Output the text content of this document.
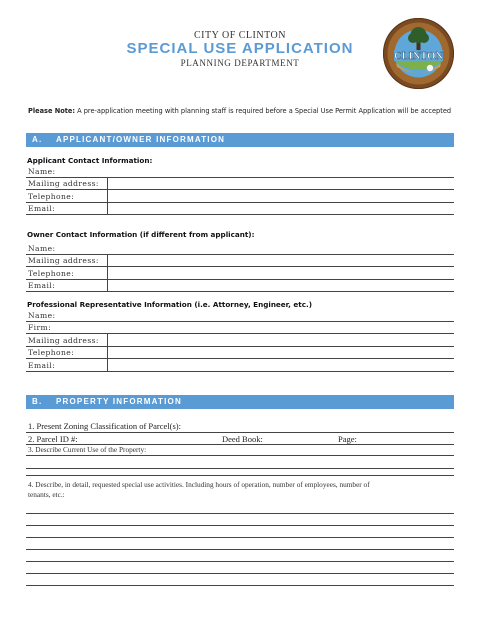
CITY OF CLINTON
SPECIAL USE APPLICATION
PLANNING DEPARTMENT
CLINTON
Please Note: A pre-application meeting with planning staff is required before a Special Use Permit Application will be accepted
A. APPLICANT/OWNER INFORMATION
Applicant Contact Information:
Name:
Mailing address:
Telephone:
Email:
Owner Contact Information (if different from applicant):
Name:
Mailing address:
Telephone:
Email:
Professional Representative Information (i.e. Attorney, Engineer, etc.)
Name:
Firm:
Mailing address:
Telephone:
Email:
B. PROPERTY INFORMATION
1. Present Zoning Classification of Parcel(s):
2. Parcel ID #:	Deed Book:	Page:
3. Describe Current Use of the Property:
4. Describe, in detail, requested special use activities. Including hours of operation, number of employees, number of tenants, etc.:
